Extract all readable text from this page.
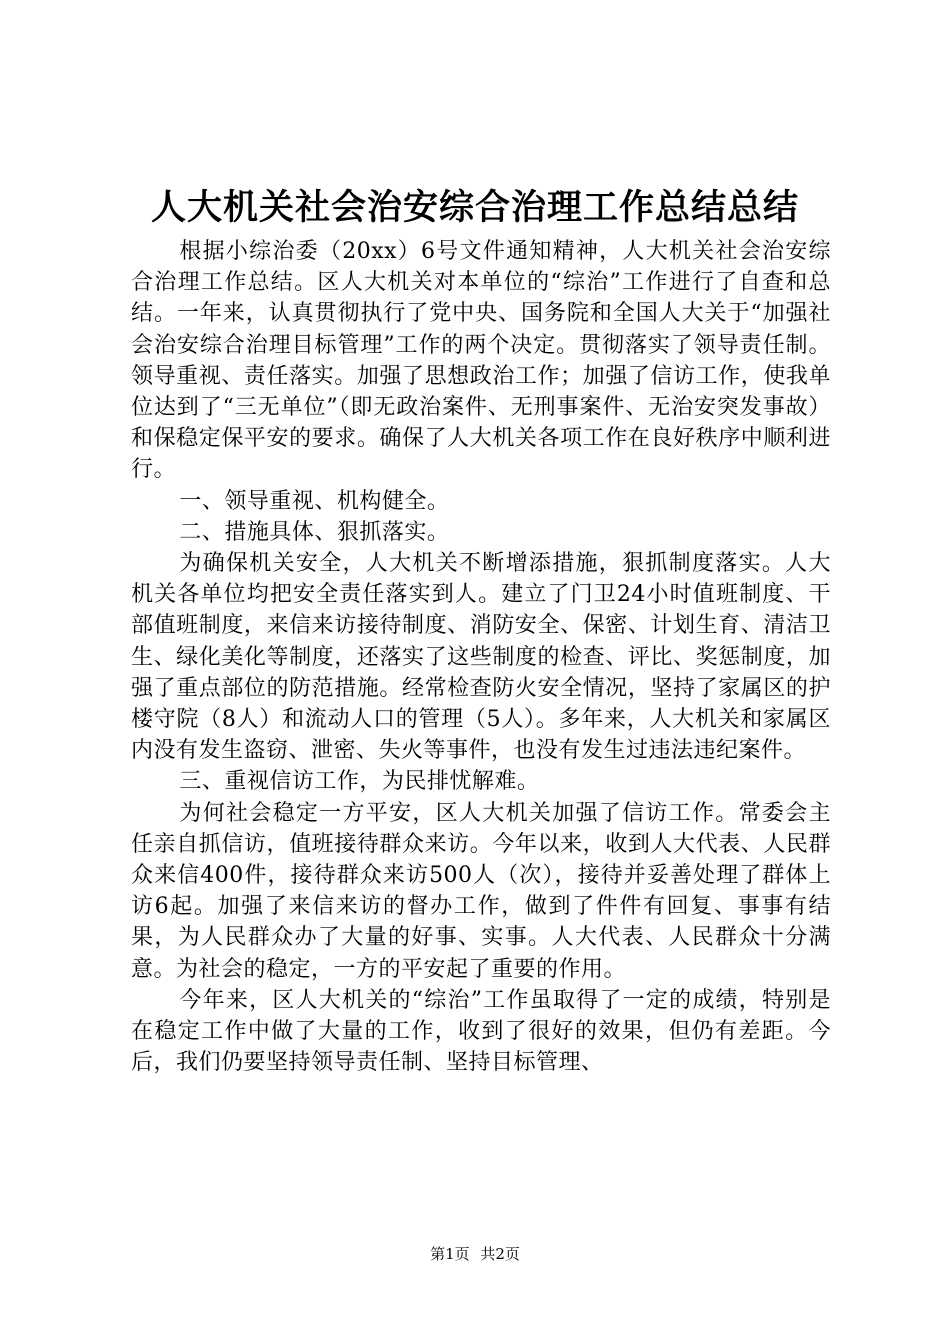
人大机关社会治安综合治理工作总结总结

根据小综治委（20xx）6号文件通知精神，人大机关社会治安综合治理工作总结。区人大机关对本单位的“综治”工作进行了自查和总结。一年来，认真贯彻执行了党中央、国务院和全国人大关于“加强社会治安综合治理目标管理”工作的两个决定。贯彻落实了领导责任制。领导重视、责任落实。加强了思想政治工作；加强了信访工作，使我单位达到了“三无单位”（即无政治案件、无刑事案件、无治安突发事故）和保稳定保平安的要求。确保了人大机关各项工作在良好秩序中顺利进行。

一、领导重视、机构健全。

二、措施具体、狠抓落实。

为确保机关安全，人大机关不断增添措施，狠抓制度落实。人大机关各单位均把安全责任落实到人。建立了门卫24小时值班制度、干部值班制度，来信来访接待制度、消防安全、保密、计划生育、清洁卫生、绿化美化等制度，还落实了这些制度的检查、评比、奖惩制度，加强了重点部位的防范措施。经常检查防火安全情况，坚持了家属区的护楼守院（8人）和流动人口的管理（5人）。多年来，人大机关和家属区内没有发生盗窃、泄密、失火等事件，也没有发生过违法违纪案件。

三、重视信访工作，为民排忧解难。

为何社会稳定一方平安，区人大机关加强了信访工作。常委会主任亲自抓信访，值班接待群众来访。今年以来，收到人大代表、人民群众来信400件，接待群众来访500人（次），接待并妥善处理了群体上访6起。加强了来信来访的督办工作，做到了件件有回复、事事有结果，为人民群众办了大量的好事、实事。人大代表、人民群众十分满意。为社会的稳定，一方的平安起了重要的作用。

今年来，区人大机关的“综治”工作虽取得了一定的成绩，特别是在稳定工作中做了大量的工作，收到了很好的效果，但仍有差距。今后，我们仍要坚持领导责任制、坚持目标管理、

第1页 共2页
